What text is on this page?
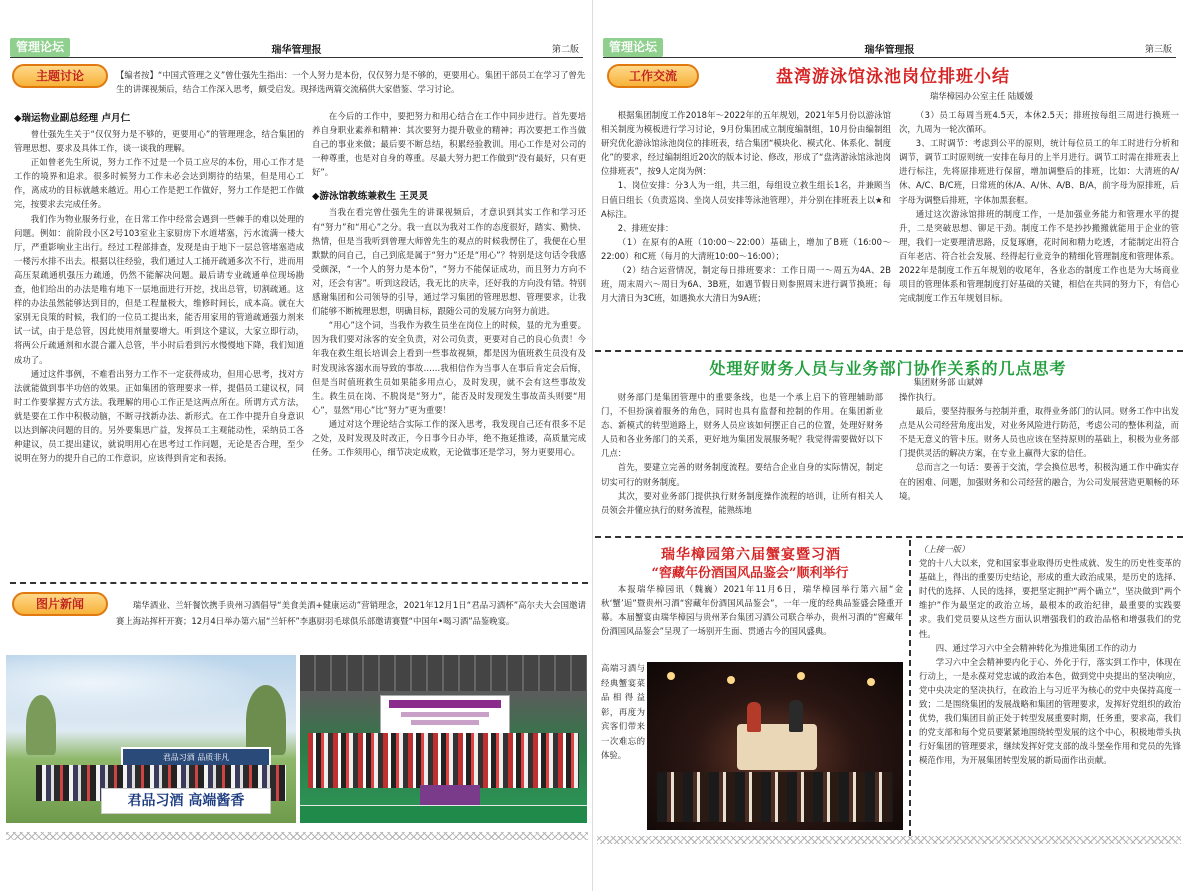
管理论坛	瑞华管理报	第二版
主题讨论	【编者按】“中国式管理之义”曾仕强先生指出：一个人努力是本份，仅仅努力是不够的，更要用心。集团干部员工在学习了曾先生的讲课视频后，结合工作深入思考，颇受启发。现择选两篇交流稿供大家借鉴、学习讨论。

◆瑞运物业副总经理 卢月仁

曾仕强先生关于“仅仅努力是不够的，更要用心”的管理理念，结合集团的管理思想、要求及具体工作，谈一谈我的理解。

正如曾老先生所说，努力工作不过是一个员工应尽的本份，用心工作才是工作的境界和追求。很多时候努力工作未必会达到期待的结果，但是用心工作，离成功的目标就越来越近。用心工作是把工作做好，努力工作是把工作做完，按要求去完成任务。

我们作为物业服务行业，在日常工作中经常会遇到一些棘手的难以处理的问题。例如：前阶段小区2号103室业主家厨房下水道堵塞，污水流满一楼大厅，严重影响业主出行。经过工程部排查，发现是由于地下一层总管堵塞造成一楼污水排不出去。根据以往经验，我们通过人工捅开疏通多次不行，进而用高压泵疏通机强压力疏通，仍然不能解决问题。最后请专业疏通单位现场勘查，他们给出的办法是唯有地下一层地面进行开挖，找出总管，切割疏通。这样的办法虽然能够达到目的，但是工程量极大，维修时间长，成本高。就在大家别无良策的时候，我们的一位员工提出来，能否用家用的管道疏通强力剂来试一试，由于是总管，因此使用剂量要增大。听到这个建议，大家立即行动，将两公斤疏通剂和水混合灌入总管，半小时后看到污水慢慢地下降，我们知道成功了。

通过这件事例，不难看出努力工作不一定获得成功，但用心思考，找对方法就能做到事半功倍的效果。正如集团的管理要求一样，提倡员工建议权，同时工作要掌握方式方法。我理解的用心工作正是这两点所在。所谓方式方法，就是要在工作中积极动脑，不断寻找新办法、新形式。在工作中提升自身意识以达到解决问题的目的。另外要集思广益，发挥员工主观能动性，采纳员工各种建议，员工提出建议，就说明用心在思考过工作问题，无论是否合理，至少说明在努力的提升自己的工作意识，应该得到肯定和表扬。

在今后的工作中，要把努力和用心结合在工作中同步进行。首先要培养自身职业素养和精神：其次要努力提升敬业的精神；再次要把工作当做自己的事业来做；最后要不断总结，积累经验教训。用心工作是对公司的一种尊重，也是对自身的尊重。尽最大努力把工作做到“没有最好，只有更好”。

◆游泳馆教练兼救生 王灵灵

当我在看完曾仕强先生的讲课视频后，才意识到其实工作和学习还有“努力”和“用心”之分。我一直以为我对工作的态度很好，踏实、勤快、热情，但是当我听到曾理大师曾先生的观点的时候我愣住了，我便在心里默默的问自己，自己到底是属于“努力”还是“用心”？特别是这句话令我感受颇深，“一个人的努力是本份”，“努力不能保证成功，而且努力方向不对，还会有害”。听到这段话，我无比的庆幸，还好我的方向没有错。特别感谢集团和公司领导的引导，通过学习集团的管理思想、管理要求，让我们能够不断梳理思想，明确目标，跟随公司的发展方向努力前进。

“用心”这个词，当我作为救生员坐在岗位上的时候，显的尤为重要。因为我们要对泳客的安全负责，对公司负责，更要对自己的良心负责！今年我在救生组长培训会上看到一些事故视频，都是因为值班救生员没有及时发现泳客溺水而导致的事故……我相信作为当事人在事后肯定会后悔，但是当时值班救生员如果能多用点心，及时发现，就不会有这些事故发生。救生员在岗、不脱岗是“努力”，能否及时发现发生事故苗头则要“用心”，显然“用心”比“努力”更为重要！

通过对这个理论结合实际工作的深入思考，我发现自己还有很多不足之处，及时发现及时改正，今日事今日办毕，绝不拖延推诿，高质量完成任务。工作须用心，细节决定成败，无论做事还是学习，努力更要用心。

图片新闻	瑞华酒业、兰轩餐饮携手贵州习酒倡导“美食美酒+健康运动”营销理念，2021年12月1日“君品习酒杯”高尔夫大会国邀请赛上海站挥杆开赛；12月4日举办第六届“兰轩杯”李惠厨羽毛球俱乐部邀请赛暨“中国年•喝习酒”品鉴晚宴。

君品习酒 品质非凡
君品习酒 高端酱香
管理论坛	瑞华管理报	第三版
工作交流	盘湾游泳馆泳池岗位排班小结
瑞华樟园办公室主任 陆媛媛

根据集团制度工作2018年～2022年的五年规划，2021年5月份以游泳馆相关制度为模板进行学习讨论，9月份集团成立制度编制组，10月份由编制组研究优化游泳馆泳池岗位的排班表，结合集团“模块化、模式化、体系化、制度化”的要求，经过编制组近20次的版本讨论、修改，形成了“盘湾游泳馆泳池岗位排班表”，按9人定岗为例：

1、岗位安排：分3人为一组，共三组，每组设立救生组长1名，并兼顾当日值日组长（负责巡岗、坐岗人员安排等泳池管理），并分别在排班表上以★和A标注。

2、排班安排：

（1）在原有的A班（10:00～22:00）基础上，增加了B班（16:00～22:00）和C班（每月的大清班10:00～16:00）；

（2）结合运营情况，制定每日排班要求：工作日周一～周五为4A、2B班，周末周六～周日为6A、3B班，如遇节假日则参照周末进行调节换班；每月大清日为3C班，如遇换水大清日为9A班；

（3）员工每周当班4.5天，本休2.5天；排班按每组三周进行换班一次，九周为一轮次循环。

3、工时调节：考虑到公平的原则，统计每位员工的年工时进行分析和调节，调节工时原则统一安排在每月的上半月进行。调节工时需在排班表上进行标注，先将原排班进行保留，增加调整后的排班，比如：大清班的A/休、A/C、B/C班，日常班的休/A、A/休、A/B、B/A，前字母为原排班，后字母为调整后排班，字体加黑套框。

通过这次游泳馆排班的制度工作，一是加强业务能力和管理水平的提升，二是突破思想、铆足干劲。制度工作不是抄抄搬搬就能用于企业的管理，我们一定要理清思路，反复琢磨，花时间和精力吃透，才能制定出符合百年老店、符合社会发展、经得起行业竞争的精细化管理制度和管理体系。2022年是制度工作五年规划的收尾年，各业态的制度工作也是为大场商业项目的管理体系和管理制度打好基础的关键，相信在共同的努力下，有信心完成制度工作五年规划目标。

处理好财务人员与业务部门协作关系的几点思考
集团财务部 山斌婵

财务部门是集团管理中的重要条线，也是一个承上启下的管理辅助部门，不但扮演着服务的角色，同时也具有监督和控制的作用。在集团新业态、新模式的转型道路上，财务人员应该如何摆正自己的位置，处理好财务人员和各业务部门的关系，更好地为集团发展服务呢？我觉得需要做好以下几点：

首先，要建立完善的财务制度流程。要结合企业自身的实际情况，制定切实可行的财务制度。

其次，要对业务部门提供执行财务制度操作流程的培训，让所有相关人员领会并懂应执行的财务流程，能熟练地

操作执行。

最后，要坚持服务与控制并重，取得业务部门的认同。财务工作中出发点是从公司经营角度出发，对业务风险进行防范，考虑公司的整体利益，而不是无意义的管卡压。财务人员也应该在坚持原则的基础上，积极为业务部门提供灵活的解决方案，在专业上赢得大家的信任。

总而言之一句话：要善于交流，学会换位思考，积极沟通工作中确实存在的困难、问题，加强财务和公司经营的融合，为公司发展营造更顺畅的环境。

瑞华樟园第六届蟹宴暨习酒
“窖藏年份酒国风品鉴会”顺利举行

本报瑞华樟园讯（魏巍）2021年11月6日，瑞华樟园举行第六届“金秋‘蟹’逅”暨贵州习酒“窖藏年份酒国风品鉴会”，一年一度的经典品鉴盛会隆重开幕。本届蟹宴由瑞华樟园与贵州茅台集团习酒公司联合举办，贵州习酒的“窖藏年份酒国风品鉴会”呈现了一场别开生面、贯通古今的国风盛典。

高端习酒与经典蟹宴菜品相得益彰，再度为宾客们带来一次难忘的体验。

（上接一版）

党的十八大以来，党和国家事业取得历史性成就、发生的历史性变革的基础上，得出的重要历史结论，形成的重大政治成果，是历史的选择、时代的选择、人民的选择，要把坚定拥护“两个确立”，坚决做到“两个维护”作为最坚定的政治立场，最根本的政治纪律，最重要的实践要求。我们党员要从这些方面认识增强我们的政治品格和增强我们的党性。

四、通过学习六中全会精神转化为推进集团工作的动力

学习六中全会精神要内化于心、外化于行，落实到工作中，体现在行动上，一是永葆对党忠诚的政治本色，做到党中央提出的坚决响应，党中央决定的坚决执行，在政治上与习近平为核心的党中央保持高度一致；二是围绕集团的发展战略和集团的管理要求，发挥好党组织的政治优势，我们集团目前正处于转型发展重要时期，任务重，要求高，我们的党支部和每个党员要紧紧地围绕转型发展的这个中心，积极地带头执行好集团的管理要求，继续发挥好党支部的战斗堡垒作用和党员的先锋模范作用，为开展集团转型发展的新局面作出贡献。
